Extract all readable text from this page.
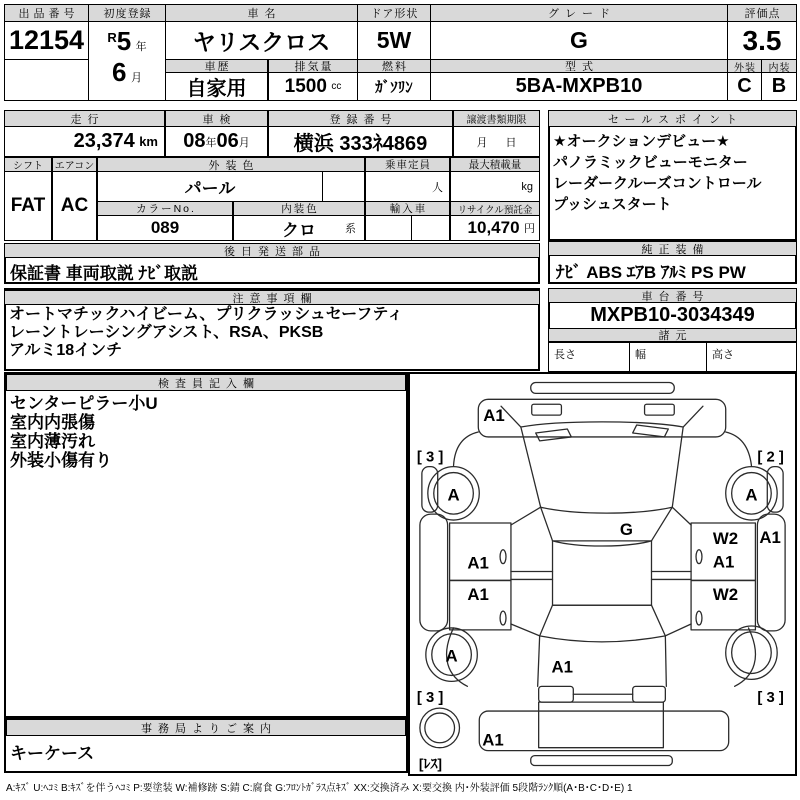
出品番号
12154
初度登録
$^R$5 年
6 月
車名
ヤリスクロス
ドア形状
5W
グレード
G
評価点
3.5
車歴
自家用
排気量
1500
cc
燃料
ｶﾞｿﾘﾝ
型式
5BA-MXPB10
外装	内装
C	B
走行
23,374
km
車検
08 年 06 月
登録番号
横浜 333ﾈ4869
譲渡書類期限
月 日
シフト
FAT
エアコン
AC
外装色
パール
カラーNo.
089
内装色
クロ	系
乗車定員
人
輸入車
最大積載量
kg
リサイクル預託金
10,470
円
セールスポイント
★オークションデビュー★
パノラミックビューモニター
レーダークルーズコントロール
プッシュスタート
後日発送部品
保証書 車両取説 ﾅﾋﾞ取説
純正装備
ﾅﾋﾞ ABS ｴｱB ｱﾙﾐ PS PW
注意事項欄
オートマチックハイビーム、プリクラッシュセーフティ
レーントレーシングアシスト、RSA、PKSB
アルミ18インチ
車台番号
MXPB10-3034349
諸元
長さ	幅	高さ
検査員記入欄
センターピラー小U
室内内張傷
室内薄汚れ
外装小傷有り
事務局よりご案内
キーケース
A1
[ 3 ]	[ 2 ]
A	A
G	W2 A1
A1	A1
A1	W2
A
A1
[ 3 ]	[ 3 ]
A1
[ﾚｽ]
A:ｷｽﾞ U:ﾍｺﾐ B:ｷｽﾞを伴うﾍｺﾐ P:要塗装 W:補修跡 S:錆 C:腐食 G:ﾌﾛﾝﾄｶﾞﾗｽ点ｷｽﾞ XX:交換済み X:要交換 内･外装評価 5段階ﾗﾝｸ順(A･B･C･D･E) 1
